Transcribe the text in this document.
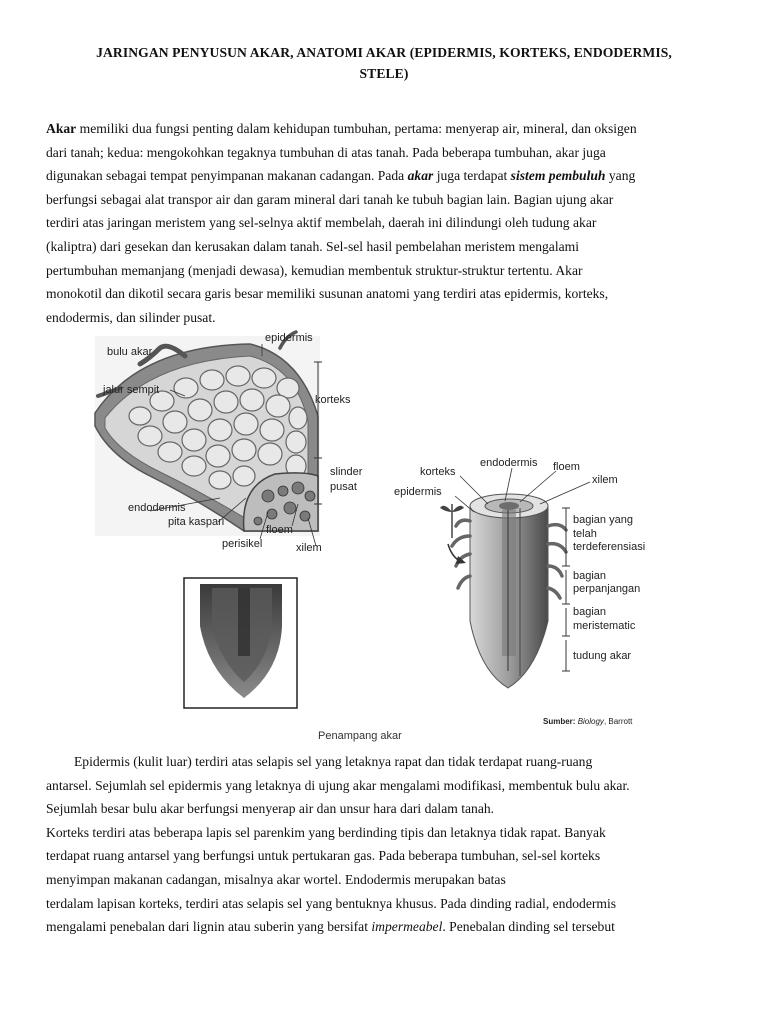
JARINGAN PENYUSUN AKAR, ANATOMI AKAR (EPIDERMIS, KORTEKS, ENDODERMIS,
STELE)
Akar memiliki dua fungsi penting dalam kehidupan tumbuhan, pertama: menyerap air, mineral, dan oksigen
dari tanah; kedua: mengokohkan tegaknya tumbuhan di atas tanah. Pada beberapa tumbuhan, akar juga
digunakan sebagai tempat penyimpanan makanan cadangan. Pada akar juga terdapat sistem pembuluh yang
berfungsi sebagai alat transpor air dan garam mineral dari tanah ke tubuh bagian lain. Bagian ujung akar
terdiri atas jaringan meristem yang sel-selnya aktif membelah, daerah ini dilindungi oleh tudung akar
(kaliptra) dari gesekan dan kerusakan dalam tanah. Sel-sel hasil pembelahan meristem mengalami
pertumbuhan memanjang (menjadi dewasa), kemudian membentuk struktur-struktur tertentu. Akar
monokotil dan dikotil secara garis besar memiliki susunan anatomi yang terdiri atas epidermis, korteks,
endodermis, dan silinder pusat.
epidermis
bulu akar
jalur sempit
korteks
slinder
pusat
endodermis
pita kaspari
floem
perisikel	xilem
korteks
endodermis floem
xilem
epidermis
bagian yang
telah
terdeferensiasi
bagian
perpanjangan
bagian
meristematic
tudung akar
Sumber: Biology, Barrott
Penampang akar
Epidermis (kulit luar) terdiri atas selapis sel yang letaknya rapat dan tidak terdapat ruang-ruang
antarsel. Sejumlah sel epidermis yang letaknya di ujung akar mengalami modifikasi, membentuk bulu akar.
Sejumlah besar bulu akar berfungsi menyerap air dan unsur hara dari dalam tanah.
Korteks terdiri atas beberapa lapis sel parenkim yang berdinding tipis dan letaknya tidak rapat. Banyak
terdapat ruang antarsel yang berfungsi untuk pertukaran gas. Pada beberapa tumbuhan, sel-sel korteks
menyimpan makanan cadangan, misalnya akar wortel. Endodermis merupakan batas
terdalam lapisan korteks, terdiri atas selapis sel yang bentuknya khusus. Pada dinding radial, endodermis
mengalami penebalan dari lignin atau suberin yang bersifat impermeabel. Penebalan dinding sel tersebut
